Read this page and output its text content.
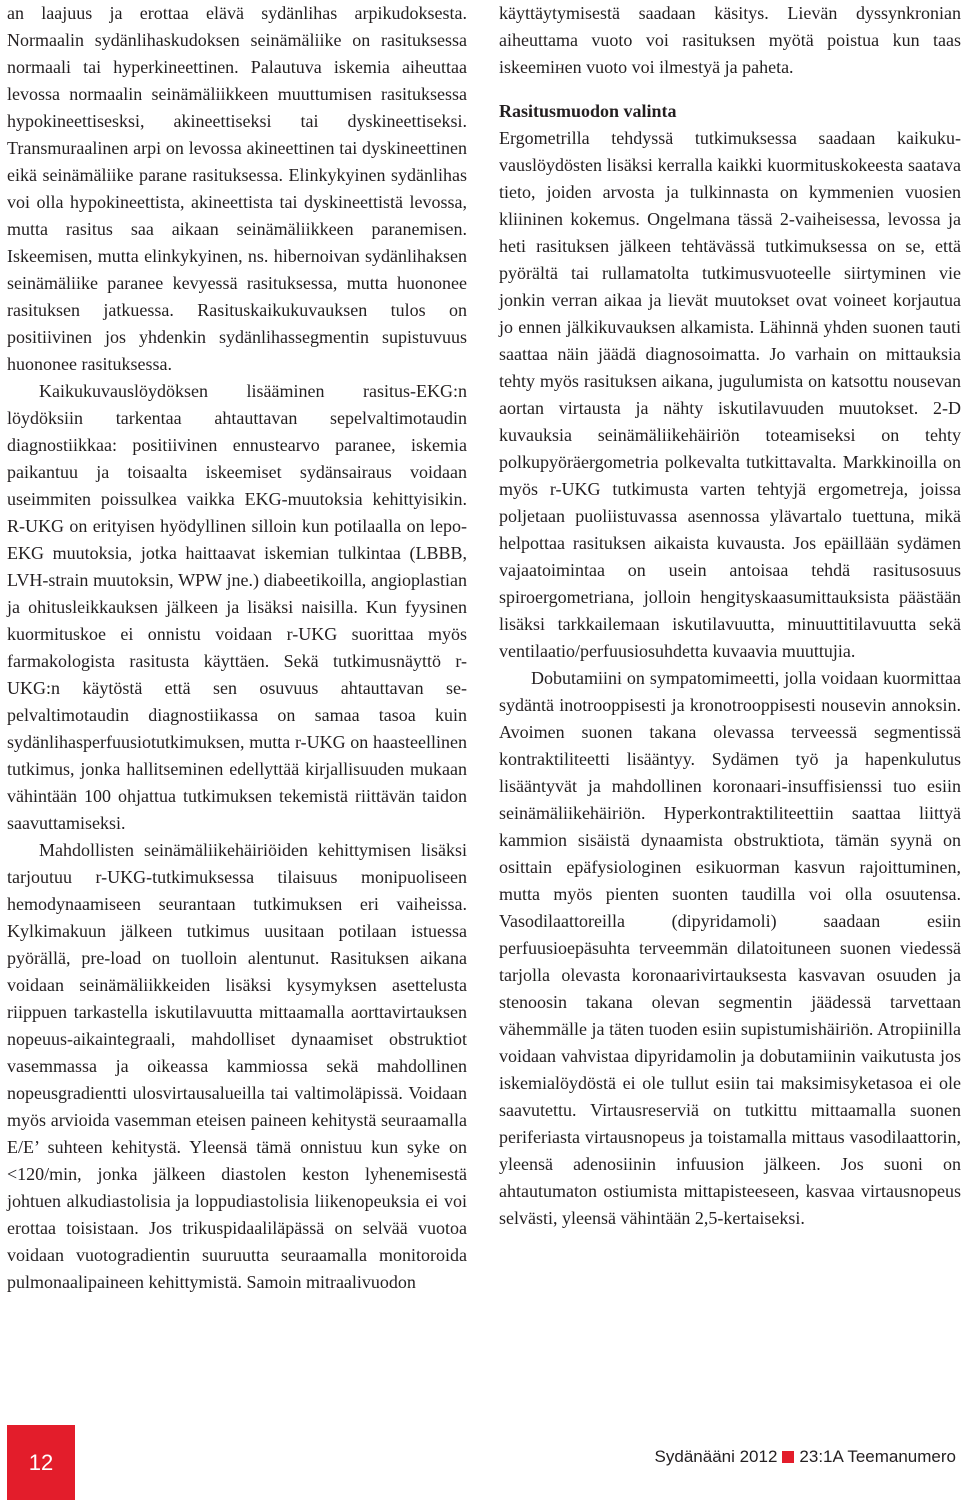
an laajuus ja erottaa elävä sydänlihas arpikudoksesta. Normaalin sydänlihaskudoksen seinämäliike on rasituksessa normaali tai hyperkineettinen. Palautuva iskemia aiheuttaa levossa normaalin seinämäliikkeen muuttumisen rasituksessa hypokineettisesksi, akineettiseksi tai dyskineettiseksi. Transmuraalinen arpi on levossa akineettinen tai dyskineettinen eikä seinämäliike parane rasituksessa. Elinkykyinen sydänlihas voi olla hypokineettista, akineettista tai dyskineettistä levossa, mutta rasitus saa aikaan seinämäliikkeen paranemisen. Iskeemisen, mutta elinkykyinen, ns. hibernoivan sydänlihaksen seinämäliike paranee kevyessä rasituksessa, mutta huononee rasituksen jatkuessa. Rasituskaikukuvauksen tulos on positiivinen jos yhdenkin sydänlihassegmentin supistuvuus huononee rasituksessa.

Kaikukuvauslöydöksen lisääminen rasitus-EKG:n löydöksiin tarkentaa ahtauttavan sepelvaltimotaudin diagnostiikkaa: positiivinen ennustearvo paranee, iskemia paikantuu ja toisaalta iskeemiset sydänsairaus voidaan useimmiten poissulkea vaikka EKG-muutoksia kehittyisikin. R-UKG on erityisen hyödyllinen silloin kun potilaalla on lepo-EKG muutoksia, jotka haittaavat iskemian tulkintaa (LBBB, LVH-strain muutoksin, WPW jne.) diabeetikoilla, angioplastian ja ohitusleikkauksen jälkeen ja lisäksi naisilla. Kun fyysinen kuormituskoe ei onnistu voidaan r-UKG suorittaa myös farmakologista rasitusta käyttäen. Sekä tutkimusnäyttö r-UKG:n käytöstä että sen osuvuus ahtauttavan sepelvaltimotaudin diagnostiikassa on samaa tasoa kuin sydänlihasperfuusiotutkimuksen, mutta r-UKG on haasteellinen tutkimus, jonka hallitseminen edellyttää kirjallisuuden mukaan vähintään 100 ohjattua tutkimuksen tekemistä riittävän taidon saavuttamiseksi.

Mahdollisten seinämäliikehäiriöiden kehittymisen lisäksi tarjoutuu r-UKG-tutkimuksessa tilaisuus monipuoliseen hemodynaamiseen seurantaan tutkimuksen eri vaiheissa. Kylkimakuun jälkeen tutkimus uusitaan potilaan istuessa pyörällä, pre-load on tuolloin alentunut. Rasituksen aikana voidaan seinämäliikkeiden lisäksi kysymyksen asettelusta riippuen tarkastella iskutilavuutta mittaamalla aorttavirtauksen nopeuus-aikaintegraali, mahdolliset dynaamiset obstruktiot vasemmassa ja oikeassa kammiossa sekä mahdollinen nopeusgradientti ulosvirtausalueilla tai valtimoläpissä. Voidaan myös arvioida vasemman eteisen paineen kehitystä seuraamalla E/E’ suhteen kehitystä. Yleensä tämä onnistuu kun syke on <120/min, jonka jälkeen diastolen keston lyhenemisestä johtuen alkudiastolisia ja loppudiastolisia liikenopeuksia ei voi erottaa toisistaan. Jos trikuspidaaliläpässä on selvää vuotoa voidaan vuotogradientin suuruutta seuraamalla monitoroida pulmonaalipaineen kehittymistä. Samoin mitraalivuodon

käyttäytymisestä saadaan käsitys. Lievän dyssynkronian aiheuttama vuoto voi rasituksen myötä poistua kun taas iskeemінen vuoto voi ilmestyä ja paheta.

Rasitusmuodon valinta

Ergometrilla tehdyssä tutkimuksessa saadaan kaikukuvauslöydösten lisäksi kerralla kaikki kuormituskokeesta saatava tieto, joiden arvosta ja tulkinnasta on kymmenien vuosien kliininen kokemus. Ongelmana tässä 2-vaiheisessa, levossa ja heti rasituksen jälkeen tehtävässä tutkimuksessa on se, että pyörältä tai rullamatolta tutkimusvuoteelle siirtyminen vie jonkin verran aikaa ja lievät muutokset ovat voineet korjautua jo ennen jälkikuvauksen alkamista. Lähinnä yhden suonen tauti saattaa näin jäädä diagnosoimatta. Jo varhain on mittauksia tehty myös rasituksen aikana, jugulumista on katsottu nousevan aortan virtausta ja nähty iskutilavuuden muutokset. 2-D kuvauksia seinämäliikehäiriön toteamiseksi on tehty polkupyöräergometria polkevalta tutkittavalta. Markkinoilla on myös r-UKG tutkimusta varten tehtyjä ergometreja, joissa poljetaan puoliistuvassa asennossa ylävartalo tuettuna, mikä helpottaa rasituksen aikaista kuvausta. Jos epäillään sydämen vajaatoimintaa on usein antoisaa tehdä rasitusosuus spiroergometriana, jolloin hengityskaasumittauksista päästään lisäksi tarkkailemaan iskutilavuutta, minuuttitilavuutta sekä ventilaatio/perfuusiosuhdetta kuvaavia muuttujia.

Dobutamiini on sympatomimeetti, jolla voidaan kuormittaa sydäntä inotrooppisesti ja kronotrooppisesti nousevin annoksin. Avoimen suonen takana olevassa terveessä segmentissä kontraktiliteetti lisääntyy. Sydämen työ ja hapenkulutus lisääntyvät ja mahdollinen koronaari-insuffisienssi tuo esiin seinämäliikehäiriön. Hyperkontraktiliteettiin saattaa liittyä kammion sisäistä dynaamista obstruktiota, tämän syynä on osittain epäfysiologinen esikuorman kasvun rajoittuminen, mutta myös pienten suonten taudilla voi olla osuutensa. Vasodilaattoreilla (dipyridamoli) saadaan esiin perfuusioepäsuhta terveemmän dilatoituneen suonen viedessä tarjolla olevasta koronaarivirtauksesta kasvavan osuuden ja stenoosin takana olevan segmentin jäädessä tarvettaan vähemmälle ja täten tuoden esiin supistumishäiriön. Atropiinilla voidaan vahvistaa dipyridamolin ja dobutamiinin vaikutusta jos iskemialöydöstä ei ole tullut esiin tai maksimisyketasoa ei ole saavutettu. Virtausreserviä on tutkittu mittaamalla suonen periferiasta virtausnopeus ja toistamalla mittaus vasodilaattorin, yleensä adenosiinin infuusion jälkeen. Jos suoni on ahtautumaton ostiumista mittapisteeseen, kasvaa virtausnopeus selvästi, yleensä vähintään 2,5-kertaiseksi.

12	Sydänääni 2012 23:1A Teemanumero
